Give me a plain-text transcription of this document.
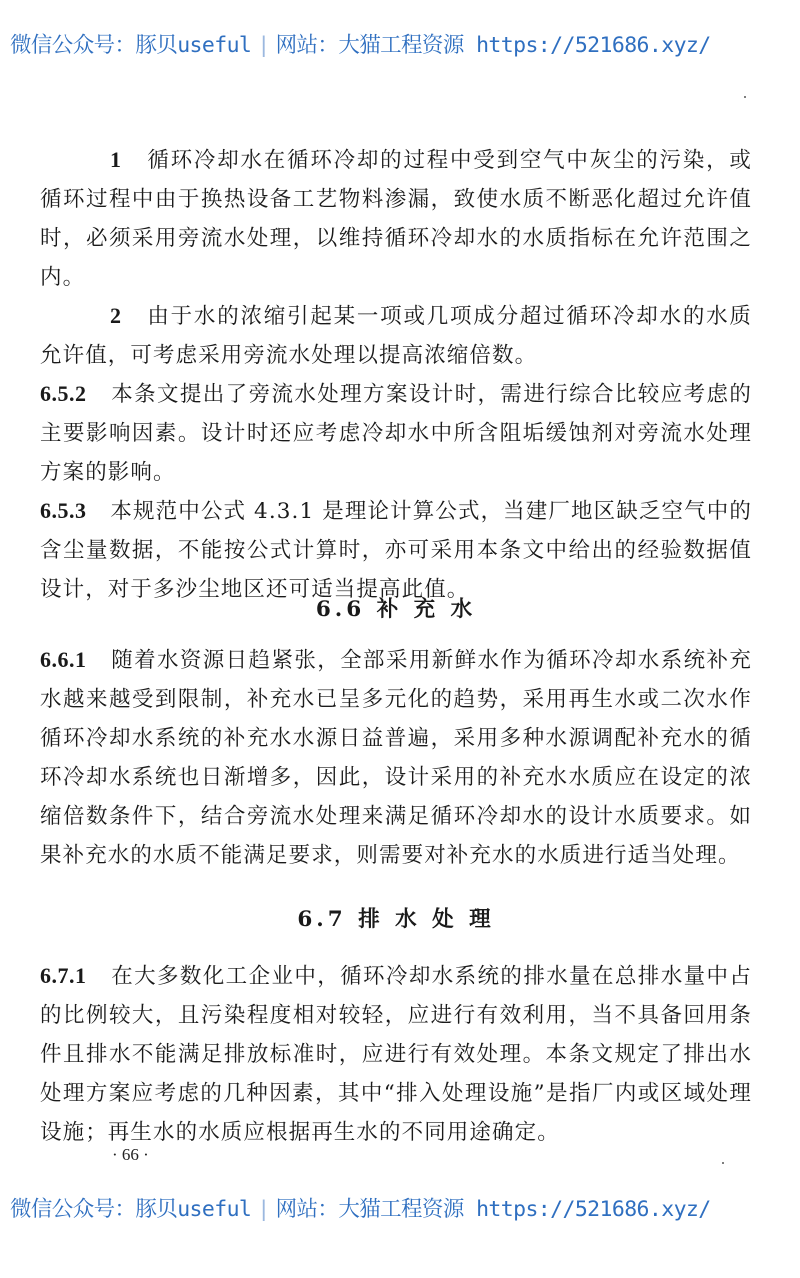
微信公众号：豚贝useful | 网站：大猫工程资源 https://521686.xyz/
1 循环冷却水在循环冷却的过程中受到空气中灰尘的污染，或循环过程中由于换热设备工艺物料渗漏，致使水质不断恶化超过允许值时，必须采用旁流水处理，以维持循环冷却水的水质指标在允许范围之内。
2 由于水的浓缩引起某一项或几项成分超过循环冷却水的水质允许值，可考虑采用旁流水处理以提高浓缩倍数。
6.5.2 本条文提出了旁流水处理方案设计时，需进行综合比较应考虑的主要影响因素。设计时还应考虑冷却水中所含阻垢缓蚀剂对旁流水处理方案的影响。
6.5.3 本规范中公式 4.3.1 是理论计算公式，当建厂地区缺乏空气中的含尘量数据，不能按公式计算时，亦可采用本条文中给出的经验数据值设计，对于多沙尘地区还可适当提高此值。
6.6 补 充 水
6.6.1 随着水资源日趋紧张，全部采用新鲜水作为循环冷却水系统补充水越来越受到限制，补充水已呈多元化的趋势，采用再生水或二次水作循环冷却水系统的补充水水源日益普遍，采用多种水源调配补充水的循环冷却水系统也日渐增多，因此，设计采用的补充水水质应在设定的浓缩倍数条件下，结合旁流水处理来满足循环冷却水的设计水质要求。如果补充水的水质不能满足要求，则需要对补充水的水质进行适当处理。
6.7 排 水 处 理
6.7.1 在大多数化工企业中，循环冷却水系统的排水量在总排水量中占的比例较大，且污染程度相对较轻，应进行有效利用，当不具备回用条件且排水不能满足排放标准时，应进行有效处理。本条文规定了排出水处理方案应考虑的几种因素，其中“排入处理设施”是指厂内或区域处理设施；再生水的水质应根据再生水的不同用途确定。
· 66 ·
微信公众号：豚贝useful | 网站：大猫工程资源 https://521686.xyz/
